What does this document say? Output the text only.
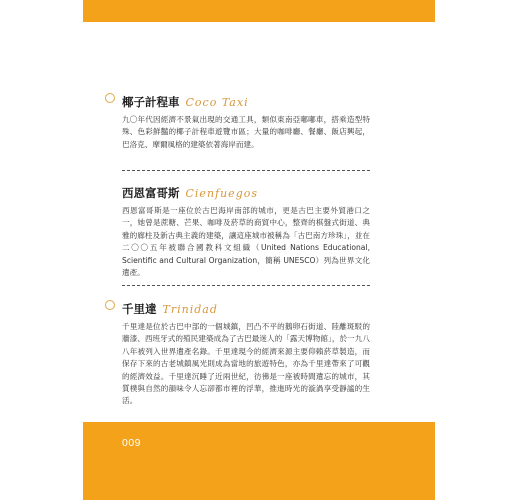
椰子計程車 Coco Taxi
九〇年代因經濟不景氣出現的交通工具，類似東南亞嘟嘟車，搭乘造型特殊、色彩鮮豔的椰子計程車遊覽市區；大量的咖啡廳、餐廳、飯店興起，巴洛克、摩爾風格的建築依著海岸而建。
西恩富哥斯 Cienfuegos
西恩富哥斯是一座位於古巴海岸南部的城市，更是古巴主要外貿港口之一，她曾是蔗糖、芒果、咖啡及菸草的商貿中心，整齊的棋盤式街道、典雅的廊柱及新古典主義的建築，讓這座城市被稱為「古巴南方珍珠」，並在二〇〇五年被聯合國教科文組織（United Nations Educational, Scientific and Cultural Organization，簡稱 UNESCO）列為世界文化遺產。
千里達 Trinidad
千里達是位於古巴中部的一個城鎮，凹凸不平的鵝卵石街道、陸離斑駁的牆漆、西班牙式的殖民建築成為了古巴最迷人的「露天博物館」，於一九八八年被列入世界遺產名錄。千里達現今的經濟來源主要仰賴菸草製造，而保存下來的古老城鎮風光則成為當地的旅遊特色，亦為千里達帶來了可觀的經濟效益。千里達沉睡了近兩世紀，彷彿是一座被時間遺忘的城市，其質樸與自然的韻味令人忘卻都市裡的浮華，推進時光的漩渦享受靜謐的生活。
009
